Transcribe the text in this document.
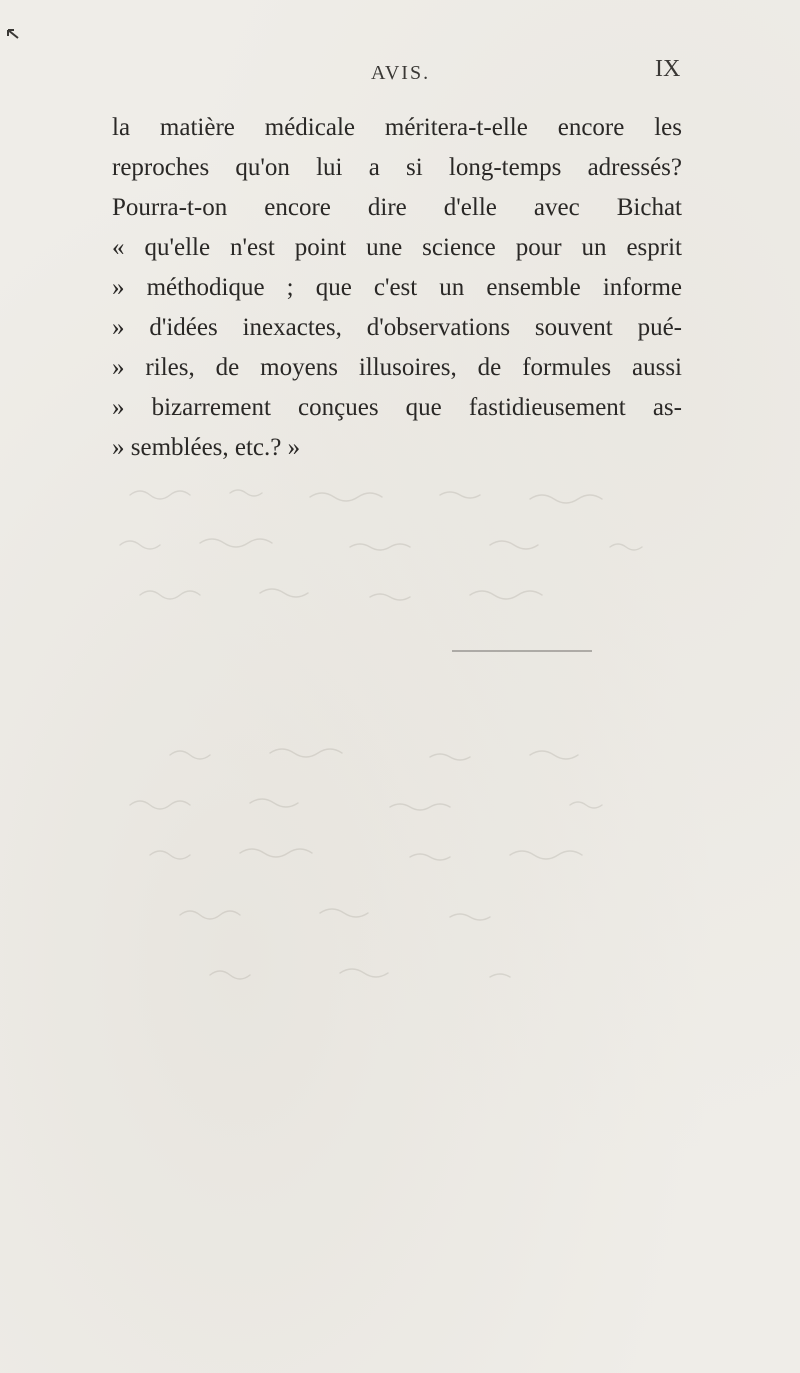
AVIS.	IX
la matière médicale méritera-t-elle encore les
reproches qu'on lui a si long-temps adressés?
Pourra-t-on encore dire d'elle avec Bichat
« qu'elle n'est point une science pour un esprit
» méthodique ; que c'est un ensemble informe
» d'idées inexactes, d'observations souvent pué-
» riles, de moyens illusoires, de formules aussi
» bizarrement conçues que fastidieusement as-
» semblées, etc.? »
